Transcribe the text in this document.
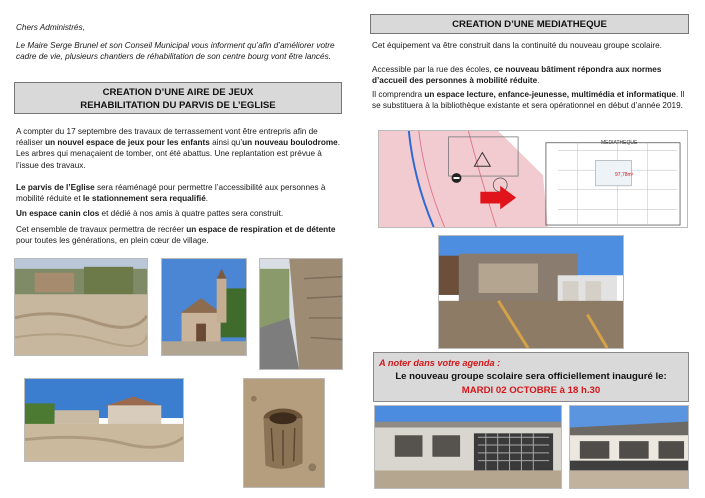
Chers Administrés,

Le Maire Serge Brunel et son Conseil Municipal vous informent qu’afin d’améliorer votre cadre de vie, plusieurs chantiers de réhabilitation de son centre bourg vont être lancés.

CREATION D’UNE AIRE DE JEUX
REHABILITATION DU PARVIS DE L’EGLISE

A compter du 17 septembre des travaux de terrassement vont être entrepris afin de réaliser un nouvel espace de jeux pour les enfants ainsi qu’un nouveau boulodrome. Les arbres qui menaçaient de tomber, ont été abattus. Une replantation est prévue à l’issue des travaux.

Le parvis de l’Eglise sera réaménagé pour permettre l’accessibilité aux personnes à mobilité réduite et le stationnement sera requalifié.

Un espace canin clos et dédié à nos amis à quatre pattes sera construit.

Cet ensemble de travaux permettra de recréer un espace de respiration et de détente pour toutes les générations, en plein cœur de village.

CREATION D’UNE MEDIATHEQUE

Cet équipement va être construit dans la continuité du nouveau groupe scolaire.

Accessible par la rue des écoles, ce nouveau bâtiment répondra aux normes d’accueil des personnes à mobilité réduite.

Il comprendra un espace lecture, enfance-jeunesse, multimédia et informatique. Il se substituera à la bibliothèque existante et sera opérationnel en début d’année 2019.

MEDIATHEQUE
97,78m²
A noter dans votre agenda :
Le nouveau groupe scolaire sera officiellement inauguré le:
MARDI 02 OCTOBRE à 18 h.30
